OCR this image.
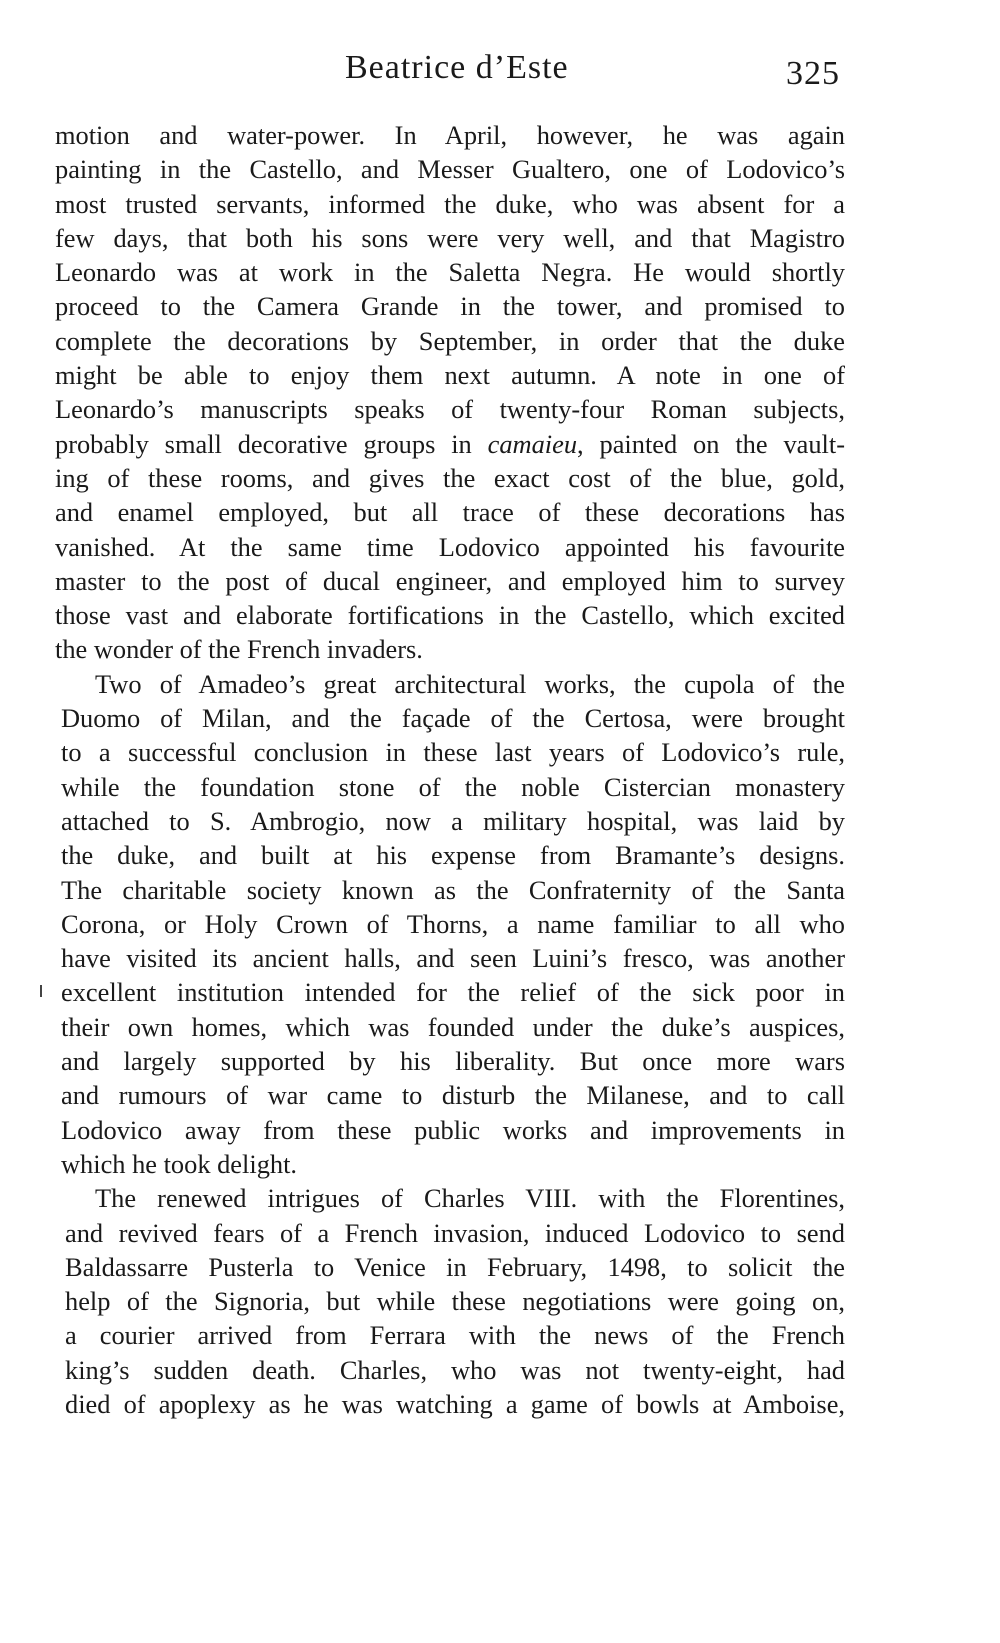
Beatrice d’Este	325
motion and water-power. In April, however, he was again
painting in the Castello, and Messer Gualtero, one of Lodovico’s
most trusted servants, informed the duke, who was absent for a
few days, that both his sons were very well, and that Magistro
Leonardo was at work in the Saletta Negra. He would shortly
proceed to the Camera Grande in the tower, and promised to
complete the decorations by September, in order that the duke
might be able to enjoy them next autumn. A note in one of
Leonardo’s manuscripts speaks of twenty-four Roman subjects,
probably small decorative groups in camaieu, painted on the vault-
ing of these rooms, and gives the exact cost of the blue, gold,
and enamel employed, but all trace of these decorations has
vanished. At the same time Lodovico appointed his favourite
master to the post of ducal engineer, and employed him to survey
those vast and elaborate fortifications in the Castello, which excited
the wonder of the French invaders.
Two of Amadeo’s great architectural works, the cupola of the
Duomo of Milan, and the façade of the Certosa, were brought
to a successful conclusion in these last years of Lodovico’s rule,
while the foundation stone of the noble Cistercian monastery
attached to S. Ambrogio, now a military hospital, was laid by
the duke, and built at his expense from Bramante’s designs.
The charitable society known as the Confraternity of the Santa
Corona, or Holy Crown of Thorns, a name familiar to all who
have visited its ancient halls, and seen Luini’s fresco, was another
excellent institution intended for the relief of the sick poor in
their own homes, which was founded under the duke’s auspices,
and largely supported by his liberality. But once more wars
and rumours of war came to disturb the Milanese, and to call
Lodovico away from these public works and improvements in
which he took delight.
The renewed intrigues of Charles VIII. with the Florentines,
and revived fears of a French invasion, induced Lodovico to send
Baldassarre Pusterla to Venice in February, 1498, to solicit the
help of the Signoria, but while these negotiations were going on,
a courier arrived from Ferrara with the news of the French
king’s sudden death. Charles, who was not twenty-eight, had
died of apoplexy as he was watching a game of bowls at Amboise,
